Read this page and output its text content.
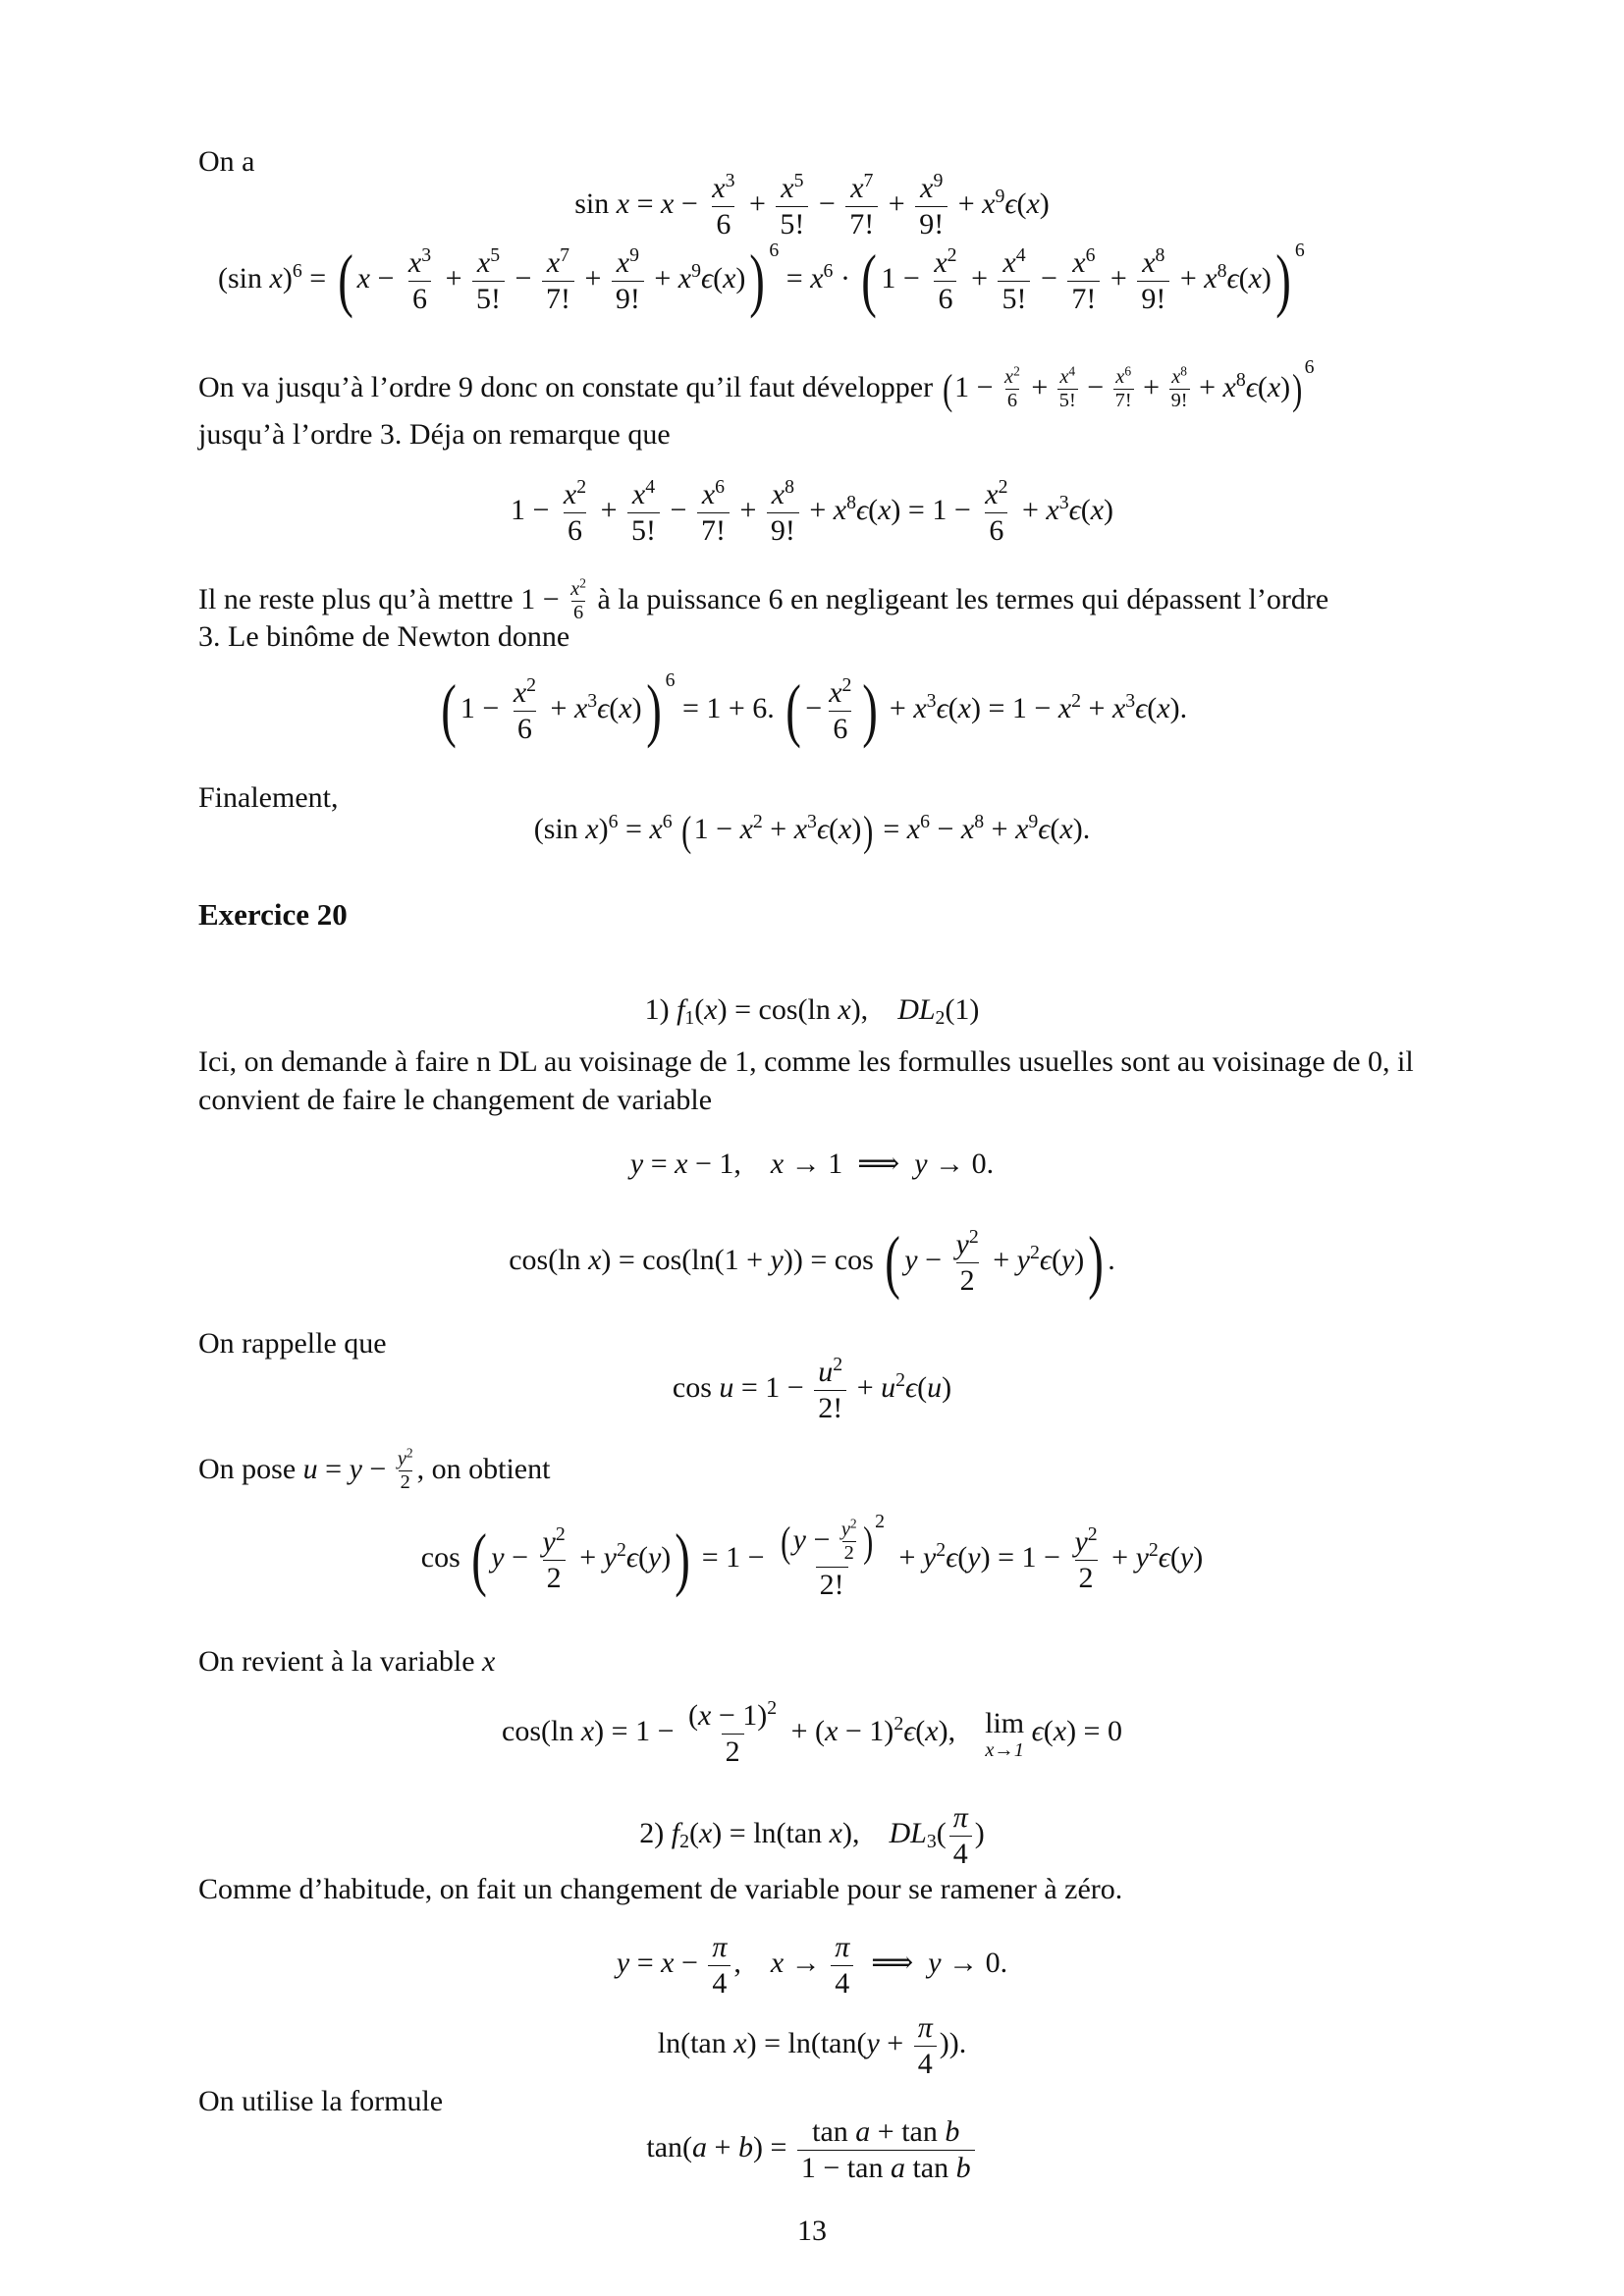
On a
$\sin x = x - \frac{x^3}{6} + \frac{x^5}{5!} - \frac{x^7}{7!} + \frac{x^9}{9!} + x^9\epsilon(x)$
(sin x)$^6$ = ( $x - \frac{x^3}{6} + \frac{x^5}{5!} - \frac{x^7}{7!} + \frac{x^9}{9!} + x^9\epsilon(x)$) $^6 = x^6$ · ( $1 - \frac{x^2}{6} + \frac{x^4}{5!} - \frac{x^6}{7!} + \frac{x^8}{9!} + x^8\epsilon(x)$) $^6$
On va jusqu’à l’ordre 9 donc on constate qu’il faut développer $(1 - \frac{x^2}{6} + \frac{x^4}{5!} - \frac{x^6}{7!} + \frac{x^8}{9!} + x^8\epsilon(x))$ $^6$
jusqu’à l’ordre 3. Déja on remarque que
$1 - \frac{x^2}{6} + \frac{x^4}{5!} - \frac{x^6}{7!} + \frac{x^8}{9!} + x^8\epsilon(x) = 1 - \frac{x^2}{6} + x^3\epsilon(x)$
Il ne reste plus qu’à mettre $1 - \frac{x^2}{6}$ à la puissance 6 en negligeant les termes qui dépassent l’ordre
3. Le binôme de Newton donne
( $1 - \frac{x^2}{6} + x^3\epsilon(x)$) $^6$ = 1 + 6. ( − $\frac{x^2}{6}$ ) + $x^3\epsilon(x) = 1 - x^2 + x^3\epsilon(x)$.
Finalement,
(sin $x)^6 = x^6$ $(1 - x^2 + x^3\epsilon(x)) = x^6 - x^8 + x^9\epsilon(x)$.
Exercice 20
1) $f_1(x) = \cos(\ln$ x),    $DL_2(1)$
Ici, on demande à faire n DL au voisinage de 1, comme les formulles usuelles sont au voisinage de 0, il convient de faire le changement de variable
y = x − 1,    x → 1  ⟹  y → 0.
cos(ln x) = cos(ln(1 + y)) = cos ( $y - \frac{y^2}{2} + y^2\epsilon(y)$) .
On rappelle que
$\cos u = 1 - \frac{u^2}{2!} + u^2\epsilon(u)$
On pose $u = y - \frac{y^2}{2}$ , on obtient
cos ( $y - \frac{y^2}{2} + y^2\epsilon(y)) = 1 - \frac{(y - \frac{y^2}{2} ) ^2}{2!} + y^2\epsilon(y) = 1 - \frac{y^2}{2} + y^2\epsilon(y)$
On revient à la variable x
cos(ln $x) = 1 - \frac{(x - 1)^2}{2} + (x - 1)^2\epsilon(x)$, lim
x→1
ϵ(x) = 0
2) $f_2(x) = \ln(\tan$ x),    $DL_3( \frac{\pi}{4}$ )
Comme d’habitude, on fait un changement de variable pour se ramener à zéro.
$y = x - \frac{\pi}{4}$ ,    $x \to \frac{\pi}{4}$ ⟹  y → 0.
ln(tan $x) = \ln(\tan(y + \frac{\pi}{4}$ )).
On utilise la formule
$\tan(a + b) = \frac{\text{tan a + tan b}}{\text{1 − tan a tan b}}$
13
